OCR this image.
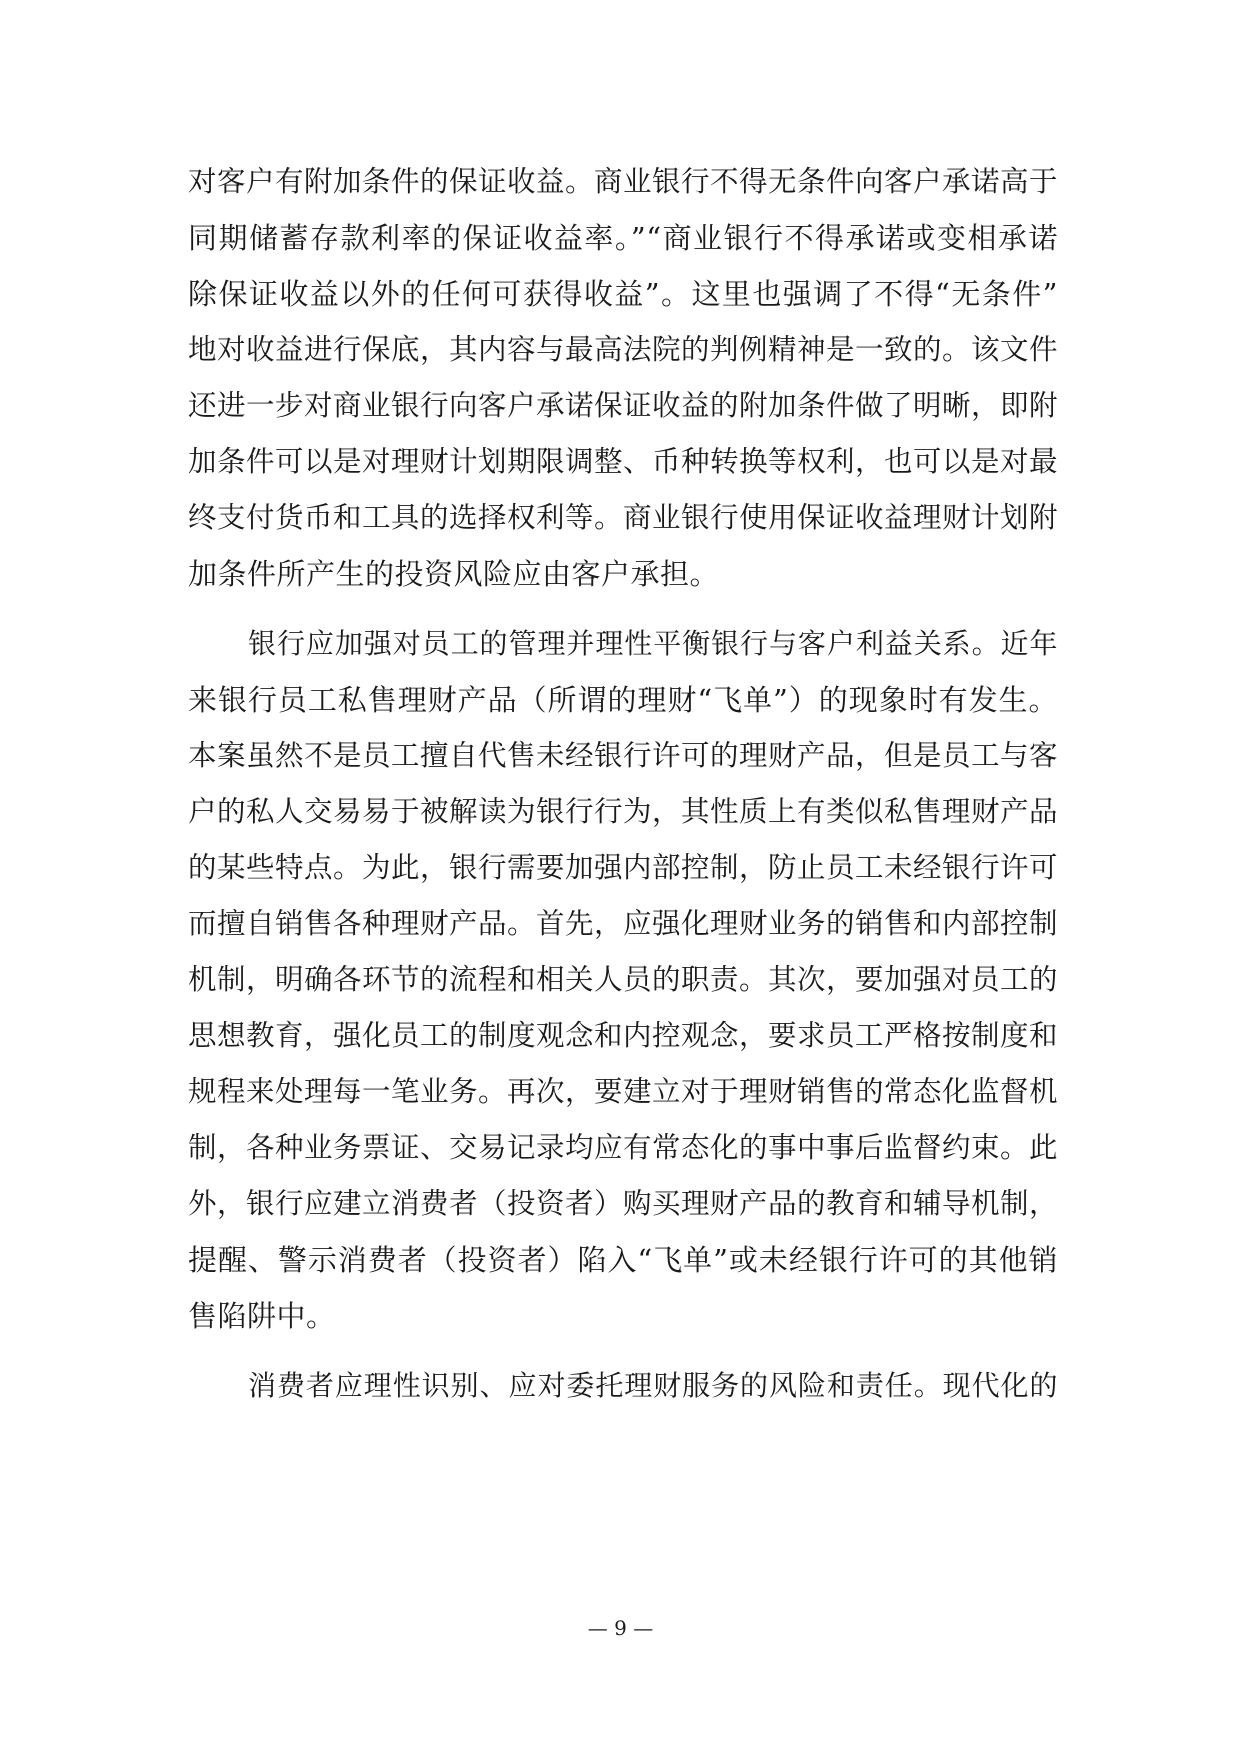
对客户有附加条件的保证收益。商业银行不得无条件向客户承诺高于
同期储蓄存款利率的保证收益率。”“商业银行不得承诺或变相承诺
除保证收益以外的任何可获得收益”。这里也强调了不得“无条件”
地对收益进行保底，其内容与最高法院的判例精神是一致的。该文件
还进一步对商业银行向客户承诺保证收益的附加条件做了明晰，即附
加条件可以是对理财计划期限调整、币种转换等权利，也可以是对最
终支付货币和工具的选择权利等。商业银行使用保证收益理财计划附
加条件所产生的投资风险应由客户承担。
银行应加强对员工的管理并理性平衡银行与客户利益关系。近年
来银行员工私售理财产品（所谓的理财“飞单”）的现象时有发生。
本案虽然不是员工擅自代售未经银行许可的理财产品，但是员工与客
户的私人交易易于被解读为银行行为，其性质上有类似私售理财产品
的某些特点。为此，银行需要加强内部控制，防止员工未经银行许可
而擅自销售各种理财产品。首先，应强化理财业务的销售和内部控制
机制，明确各环节的流程和相关人员的职责。其次，要加强对员工的
思想教育，强化员工的制度观念和内控观念，要求员工严格按制度和
规程来处理每一笔业务。再次，要建立对于理财销售的常态化监督机
制，各种业务票证、交易记录均应有常态化的事中事后监督约束。此
外，银行应建立消费者（投资者）购买理财产品的教育和辅导机制，
提醒、警示消费者（投资者）陷入“飞单”或未经银行许可的其他销
售陷阱中。
消费者应理性识别、应对委托理财服务的风险和责任。现代化的
— 9 —
